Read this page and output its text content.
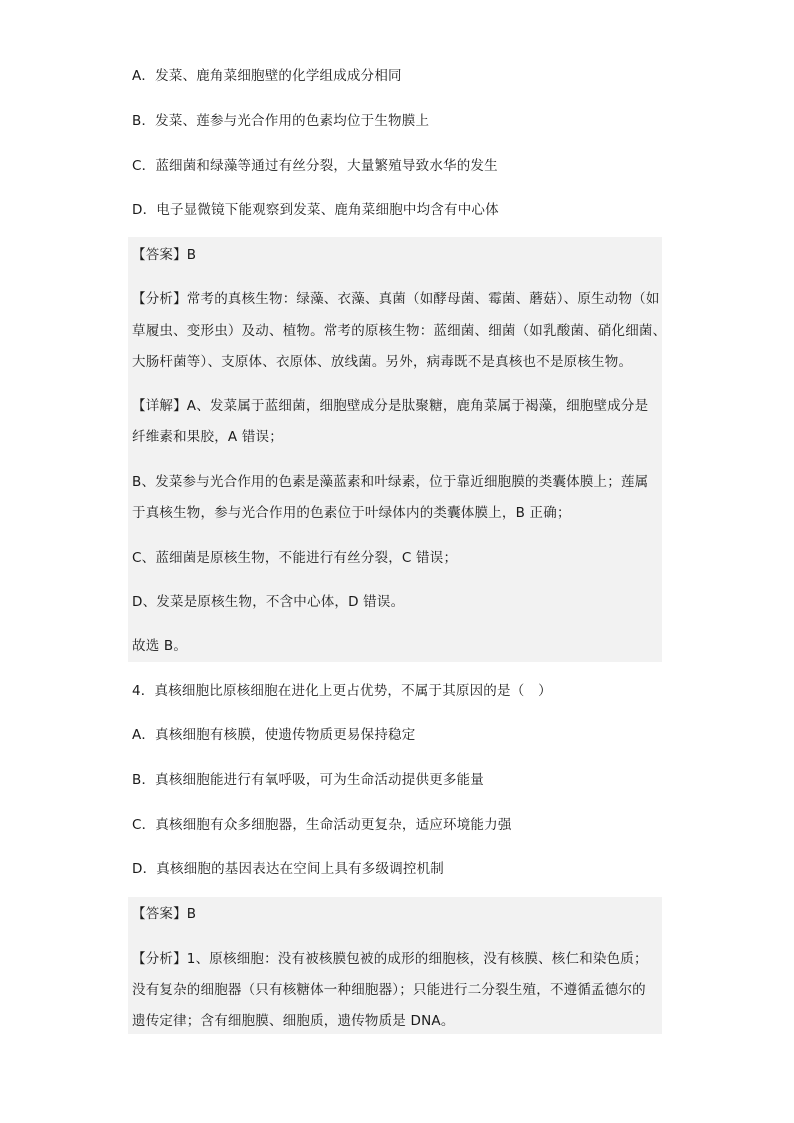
A．发菜、鹿角菜细胞壁的化学组成成分相同
B．发菜、莲参与光合作用的色素均位于生物膜上
C．蓝细菌和绿藻等通过有丝分裂，大量繁殖导致水华的发生
D．电子显微镜下能观察到发菜、鹿角菜细胞中均含有中心体
【答案】B
【分析】常考的真核生物：绿藻、衣藻、真菌（如酵母菌、霉菌、蘑菇）、原生动物（如
草履虫、变形虫）及动、植物。常考的原核生物：蓝细菌、细菌（如乳酸菌、硝化细菌、
大肠杆菌等）、支原体、衣原体、放线菌。另外，病毒既不是真核也不是原核生物。
【详解】A、发菜属于蓝细菌，细胞壁成分是肽聚糖，鹿角菜属于褐藻，细胞壁成分是
纤维素和果胶，A 错误；
B、发菜参与光合作用的色素是藻蓝素和叶绿素，位于靠近细胞膜的类囊体膜上；莲属
于真核生物，参与光合作用的色素位于叶绿体内的类囊体膜上，B 正确；
C、蓝细菌是原核生物，不能进行有丝分裂，C 错误；
D、发菜是原核生物，不含中心体，D 错误。
故选 B。
4．真核细胞比原核细胞在进化上更占优势，不属于其原因的是（　）
A．真核细胞有核膜，使遗传物质更易保持稳定
B．真核细胞能进行有氧呼吸，可为生命活动提供更多能量
C．真核细胞有众多细胞器，生命活动更复杂，适应环境能力强
D．真核细胞的基因表达在空间上具有多级调控机制
【答案】B
【分析】1、原核细胞：没有被核膜包被的成形的细胞核，没有核膜、核仁和染色质；
没有复杂的细胞器（只有核糖体一种细胞器）；只能进行二分裂生殖，不遵循孟德尔的
遗传定律；含有细胞膜、细胞质，遗传物质是 DNA。
